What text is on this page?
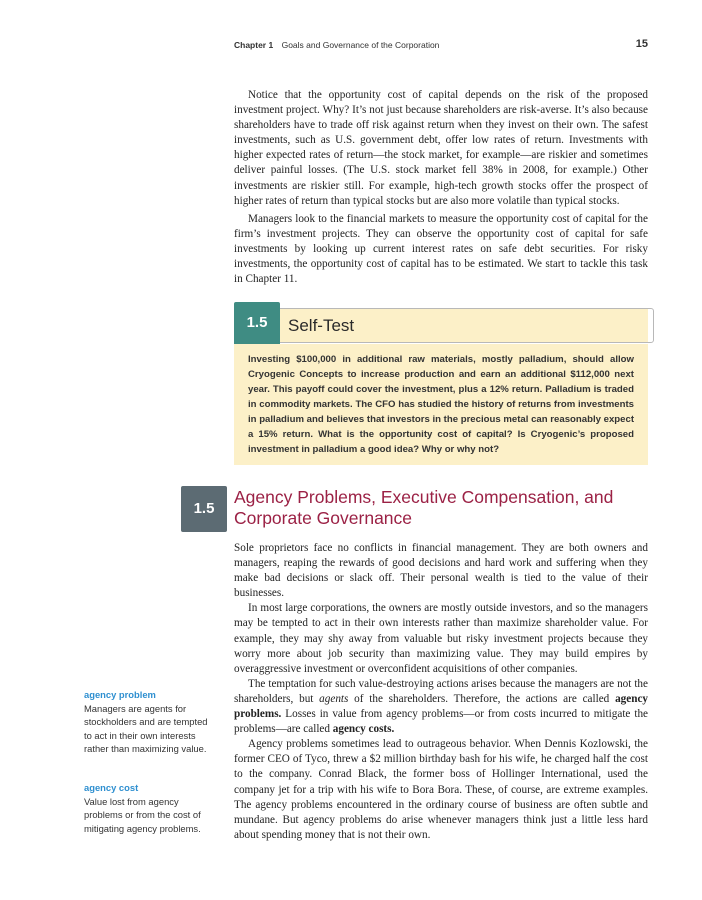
Chapter 1 Goals and Governance of the Corporation	15

Notice that the opportunity cost of capital depends on the risk of the proposed investment project. Why? It’s not just because shareholders are risk-averse. It’s also because shareholders have to trade off risk against return when they invest on their own. The safest investments, such as U.S. government debt, offer low rates of return. Investments with higher expected rates of return—the stock market, for example—are riskier and sometimes deliver painful losses. (The U.S. stock market fell 38% in 2008, for example.) Other investments are riskier still. For example, high-tech growth stocks offer the prospect of higher rates of return than typical stocks but are also more volatile than typical stocks.

Managers look to the financial markets to measure the opportunity cost of capital for the firm’s investment projects. They can observe the opportunity cost of capital for safe investments by looking up current interest rates on safe debt securities. For risky investments, the opportunity cost of capital has to be estimated. We start to tackle this task in Chapter 11.

Self-Test
1.5
Investing $100,000 in additional raw materials, mostly palladium, should allow Cryogenic Concepts to increase production and earn an additional $112,000 next year. This payoff could cover the investment, plus a 12% return. Palladium is traded in commodity markets. The CFO has studied the history of returns from investments in palladium and believes that investors in the precious metal can reasonably expect a 15% return. What is the opportunity cost of capital? Is Cryogenic’s proposed investment in palladium a good idea? Why or why not?
1.5
Agency Problems, Executive Compensation, and Corporate Governance

Sole proprietors face no conflicts in financial management. They are both owners and managers, reaping the rewards of good decisions and hard work and suffering when they make bad decisions or slack off. Their personal wealth is tied to the value of their businesses.

In most large corporations, the owners are mostly outside investors, and so the managers may be tempted to act in their own interests rather than maximize shareholder value. For example, they may shy away from valuable but risky investment projects because they worry more about job security than maximizing value. They may build empires by overaggressive investment or overconfident acquisitions of other companies.

The temptation for such value-destroying actions arises because the managers are not the shareholders, but agents of the shareholders. Therefore, the actions are called agency problems. Losses in value from agency problems—or from costs incurred to mitigate the problems—are called agency costs.

Agency problems sometimes lead to outrageous behavior. When Dennis Kozlowski, the former CEO of Tyco, threw a $2 million birthday bash for his wife, he charged half the cost to the company. Conrad Black, the former boss of Hollinger International, used the company jet for a trip with his wife to Bora Bora. These, of course, are extreme examples. The agency problems encountered in the ordinary course of business are often subtle and mundane. But agency problems do arise whenever managers think just a little less hard about spending money that is not their own.

agency problem
Managers are agents for stockholders and are tempted to act in their own interests rather than maximizing value.
agency cost
Value lost from agency problems or from the cost of mitigating agency problems.
